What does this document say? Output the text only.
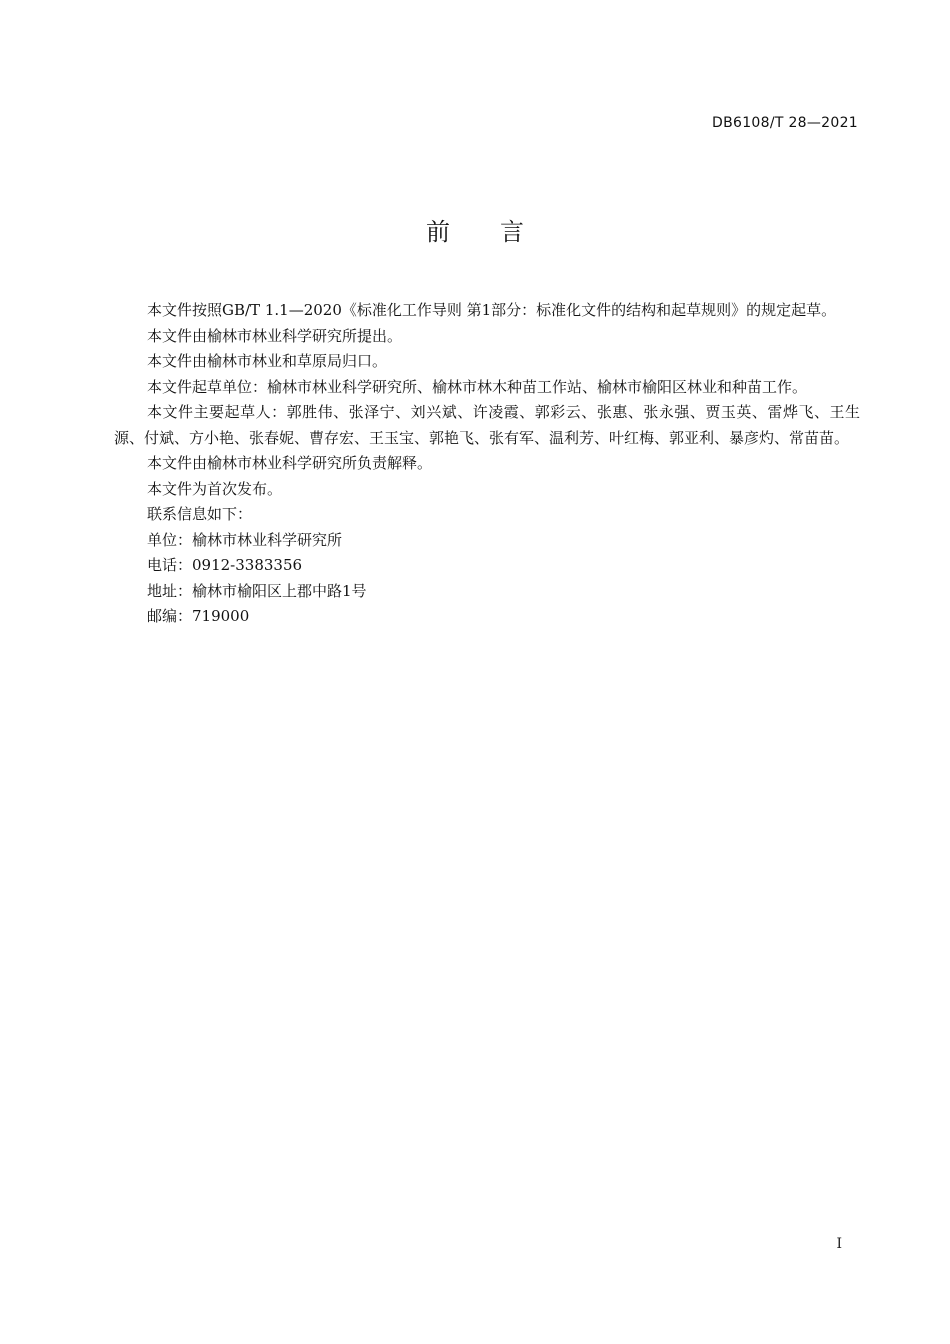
DB6108/T 28—2021
前言

本文件按照GB/T 1.1—2020《标准化工作导则 第1部分：标准化文件的结构和起草规则》的规定起草。

本文件由榆林市林业科学研究所提出。

本文件由榆林市林业和草原局归口。

本文件起草单位：榆林市林业科学研究所、榆林市林木种苗工作站、榆林市榆阳区林业和种苗工作。

本文件主要起草人：郭胜伟、张泽宁、刘兴斌、许凌霞、郭彩云、张惠、张永强、贾玉英、雷烨飞、王生源、付斌、方小艳、张春妮、曹存宏、王玉宝、郭艳飞、张有军、温利芳、叶红梅、郭亚利、暴彦灼、常苗苗。

本文件由榆林市林业科学研究所负责解释。

本文件为首次发布。

联系信息如下：

单位：榆林市林业科学研究所

电话：0912-3383356

地址：榆林市榆阳区上郡中路1号

邮编：719000

I
